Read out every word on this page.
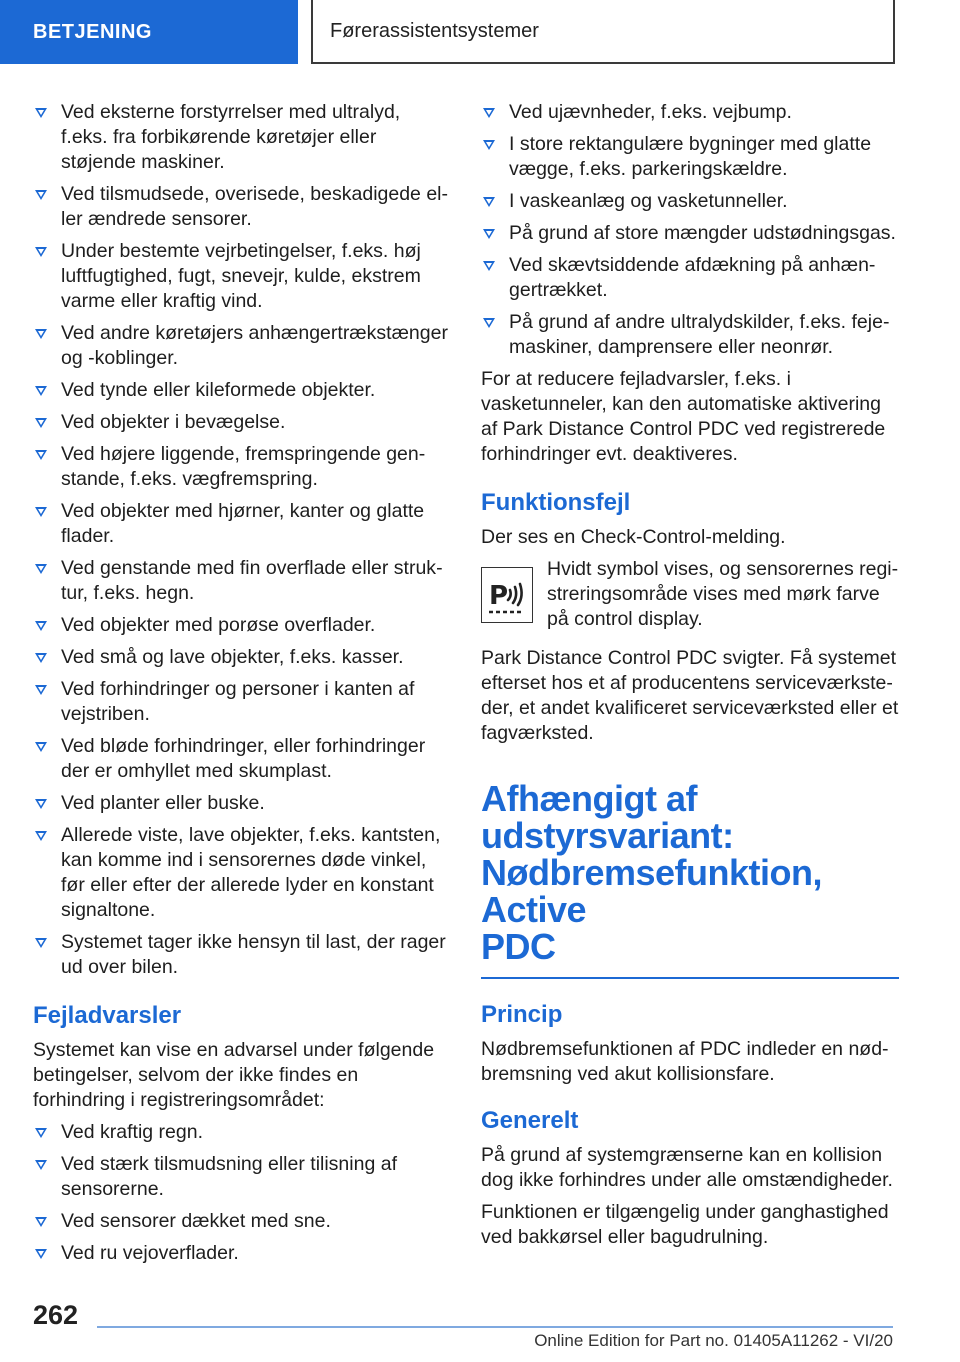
BETJENING	Førerassistentsystemer
Ved eksterne forstyrrelser med ultralyd, f.eks. fra forbikørende køretøjer eller støjende maskiner.
Ved tilsmudsede, overisede, beskadigede eller ændrede sensorer.
Under bestemte vejrbetingelser, f.eks. høj luftfugtighed, fugt, snevejr, kulde, ekstrem varme eller kraftig vind.
Ved andre køretøjers anhængertrækstænger og -koblinger.
Ved tynde eller kileformede objekter.
Ved objekter i bevægelse.
Ved højere liggende, fremspringende genstande, f.eks. vægfremspring.
Ved objekter med hjørner, kanter og glatte flader.
Ved genstande med fin overflade eller struktur, f.eks. hegn.
Ved objekter med porøse overflader.
Ved små og lave objekter, f.eks. kasser.
Ved forhindringer og personer i kanten af vejstriben.
Ved bløde forhindringer, eller forhindringer der er omhyllet med skumplast.
Ved planter eller buske.
Allerede viste, lave objekter, f.eks. kantsten, kan komme ind i sensorernes døde vinkel, før eller efter der allerede lyder en konstant signaltone.
Systemet tager ikke hensyn til last, der rager ud over bilen.
Fejladvarsler

Systemet kan vise en advarsel under følgende betingelser, selvom der ikke findes en forhindring i registreringsområdet:

Ved kraftig regn.
Ved stærk tilsmudsning eller tilisning af sensorerne.
Ved sensorer dækket med sne.
Ved ru vejoverflader.
Ved ujævnheder, f.eks. vejbump.
I store rektangulære bygninger med glatte vægge, f.eks. parkeringskældre.
I vaskeanlæg og vasketunneller.
På grund af store mængder udstødningsgas.
Ved skævtsiddende afdækning på anhængertrækket.
På grund af andre ultralydskilder, f.eks. fejemaskiner, damprensere eller neonrør.

For at reducere fejladvarsler, f.eks. i vasketunneler, kan den automatiske aktivering af Park Distance Control PDC ved registrerede forhindringer evt. deaktiveres.

Funktionsfejl

Der ses en Check-Control-melding.

P
Hvidt symbol vises, og sensorernes registreringsområde vises med mørk farve på control display.

Park Distance Control PDC svigter. Få systemet efterset hos et af producentens serviceværksteder, et andet kvalificeret serviceværksted eller et fagværksted.

Afhængigt af
udstyrsvariant:
Nødbremsefunktion, Active
PDC
Princip

Nødbremsefunktionen af PDC indleder en nødbremsning ved akut kollisionsfare.

Generelt

På grund af systemgrænserne kan en kollision dog ikke forhindres under alle omstændigheder.

Funktionen er tilgængelig under ganghastighed ved bakkørsel eller bagudrulning.

262
Online Edition for Part no. 01405A11262 - VI/20
